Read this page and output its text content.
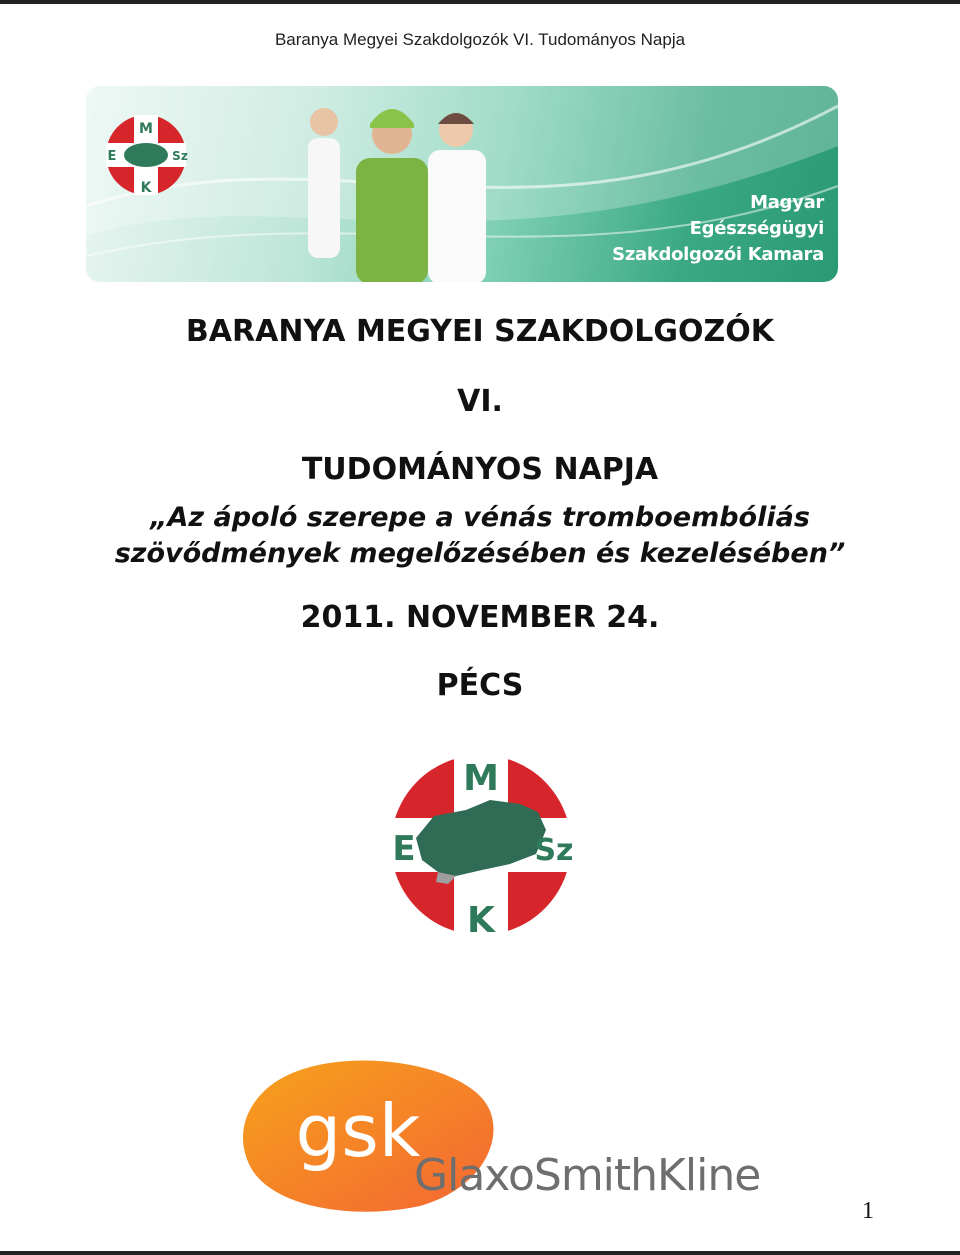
Baranya Megyei Szakdolgozók VI. Tudományos Napja
M
E	Sz
K
Magyar
Egészségügyi
Szakdolgozói Kamara
BARANYA MEGYEI SZAKDOLGOZÓK
VI.
TUDOMÁNYOS NAPJA
„Az ápoló szerepe a vénás tromboembóliás
szövődmények megelőzésében és kezelésében”
2011. NOVEMBER 24.
PÉCS
M
E	Sz
K
gsk
GlaxoSmithKline
1
